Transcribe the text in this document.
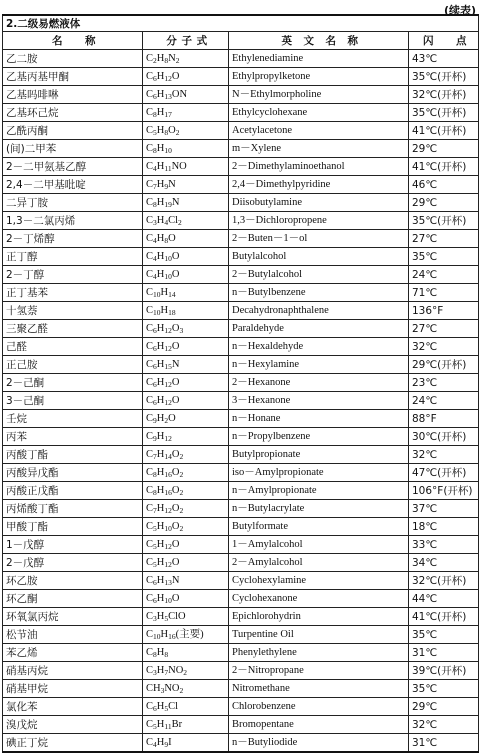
(续表)
2.二级易燃液体			
名　　称	分 子 式	英　文　名　称	闪　　点
乙二胺	$C_2H_8N_2$	Ethylenediamine	43℃
乙基丙基甲酮	$C_6H_{12}O$	Ethylpropylketone	35℃(开杯)
乙基吗啡啉	$C_6H_{13}ON$	N－Ethylmorpholine	32℃(开杯)
乙基环己烷	$C_8H_{17}$	Ethylcyclohexane	35℃(开杯)
乙酰丙酮	$C_5H_8O_2$	Acetylacetone	41℃(开杯)
(间)二甲苯	$C_8H_{10}$	m－Xylene	29℃
2－二甲氨基乙醇	$C_4H_{11}NO$	2－Dimethylaminoethanol	41℃(开杯)
2,4－二甲基吡啶	$C_7H_9N$	2,4－Dimethylpyridine	46℃
二异丁胺	$C_8H_{19}N$	Diisobutylamine	29℃
1,3－二氯丙烯	$C_3H_4Cl_2$	1,3－Dichloropropene	35℃(开杯)
2－丁烯醇	$C_4H_8O$	2－Buten－1－ol	27℃
正丁醇	$C_4H_{10}O$	Butylalcohol	35℃
2－丁醇	$C_4H_{10}O$	2－Butylalcohol	24℃
正丁基苯	$C_{10}H_{14}$	n－Butylbenzene	71℃
十氢萘	$C_{10}H_{18}$	Decahydronaphthalene	136°F
三聚乙醛	$C_6H_{12}O_3$	Paraldehyde	27℃
己醛	$C_6H_{12}O$	n－Hexaldehyde	32℃
正己胺	$C_6H_{15}N$	n－Hexylamine	29℃(开杯)
2－己酮	$C_6H_{12}O$	2－Hexanone	23℃
3－己酮	$C_6H_{12}O$	3－Hexanone	24℃
壬烷	$C_9H_2O$	n－Honane	88°F
丙苯	$C_9H_{12}$	n－Propylbenzene	30℃(开杯)
丙酸丁酯	$C_7H_{14}O_2$	Butylpropionate	32℃
丙酸异戊酯	$C_8H_{16}O_2$	iso－Amylpropionate	47℃(开杯)
丙酸正戊酯	$C_8H_{16}O_2$	n－Amylpropionate	106°F(开杯)
丙烯酸丁酯	$C_7H_{12}O_2$	n－Butylacrylate	37℃
甲酸丁酯	$C_5H_{10}O_2$	Butylformate	18℃
1－戊醇	$C_5H_{12}O$	1－Amylalcohol	33℃
2－戊醇	$C_5H_{12}O$	2－Amylalcohol	34℃
环乙胺	$C_6H_{13}N$	Cyclohexylamine	32℃(开杯)
环乙酮	$C_6H_{10}O$	Cyclohexanone	44℃
环氧氯丙烷	$C_3H_5ClO$	Epichlorohydrin	41℃(开杯)
松节油	$C_{10}H_{16}$(主要)	Turpentine Oil	35℃
苯乙烯	$C_8H_8$	Phenylethylene	31℃
硝基丙烷	$C_3H_7NO_2$	2－Nitropropane	39℃(开杯)
硝基甲烷	$CH_3NO_2$	Nitromethane	35℃
氯化苯	$C_6H_5Cl$	Chlorobenzene	29℃
溴戊烷	$C_5H_{11}Br$	Bromopentane	32℃
碘正丁烷	$C_4H_9I$	n－Butyliodide	31℃
